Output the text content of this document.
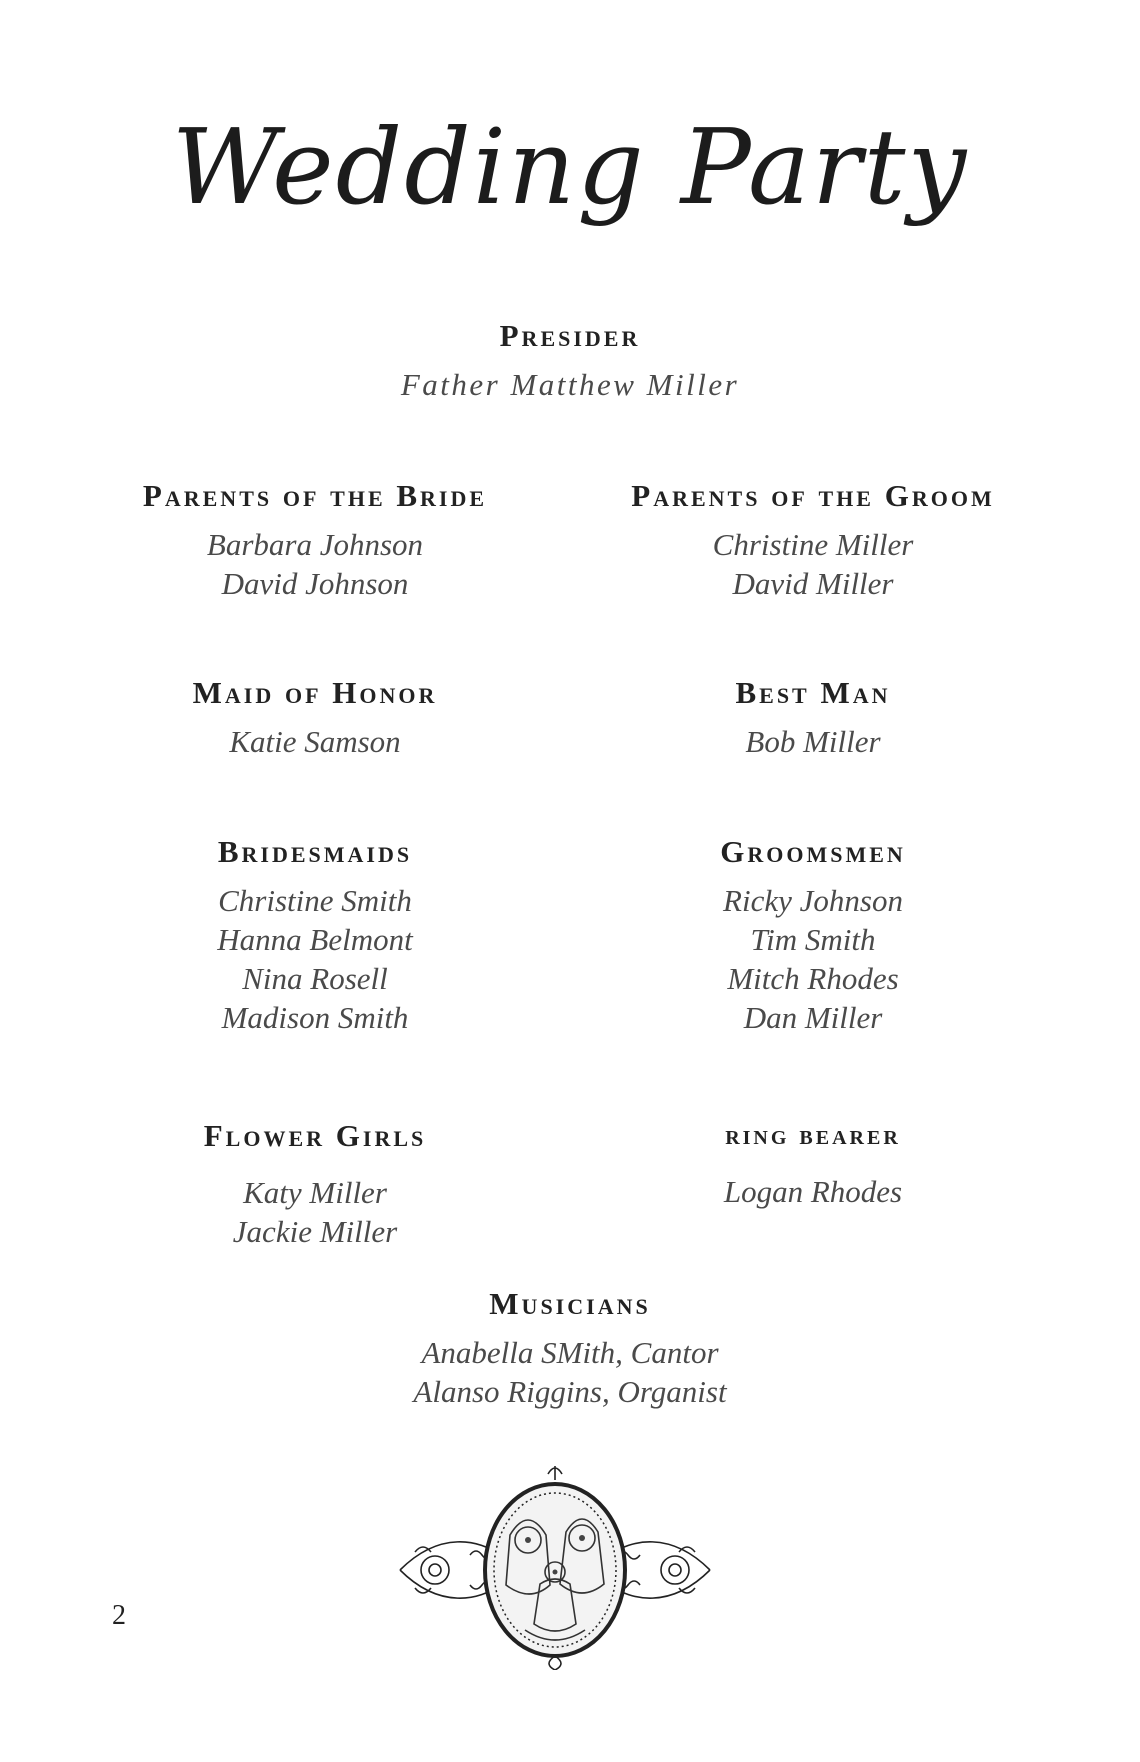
Wedding Party
Presider
Father Matthew Miller
Parents of the Bride
Barbara Johnson
David Johnson
Parents of the Groom
Christine Miller
David Miller
Maid of Honor
Katie Samson
Best Man
Bob Miller
Bridesmaids
Christine Smith
Hanna Belmont
Nina Rosell
Madison Smith
Groomsmen
Ricky Johnson
Tim Smith
Mitch Rhodes
Dan Miller
Flower Girls
Katy Miller
Jackie Miller
ring bearer
Logan Rhodes
Musicians
Anabella SMith, Cantor
Alanso Riggins, Organist
2
